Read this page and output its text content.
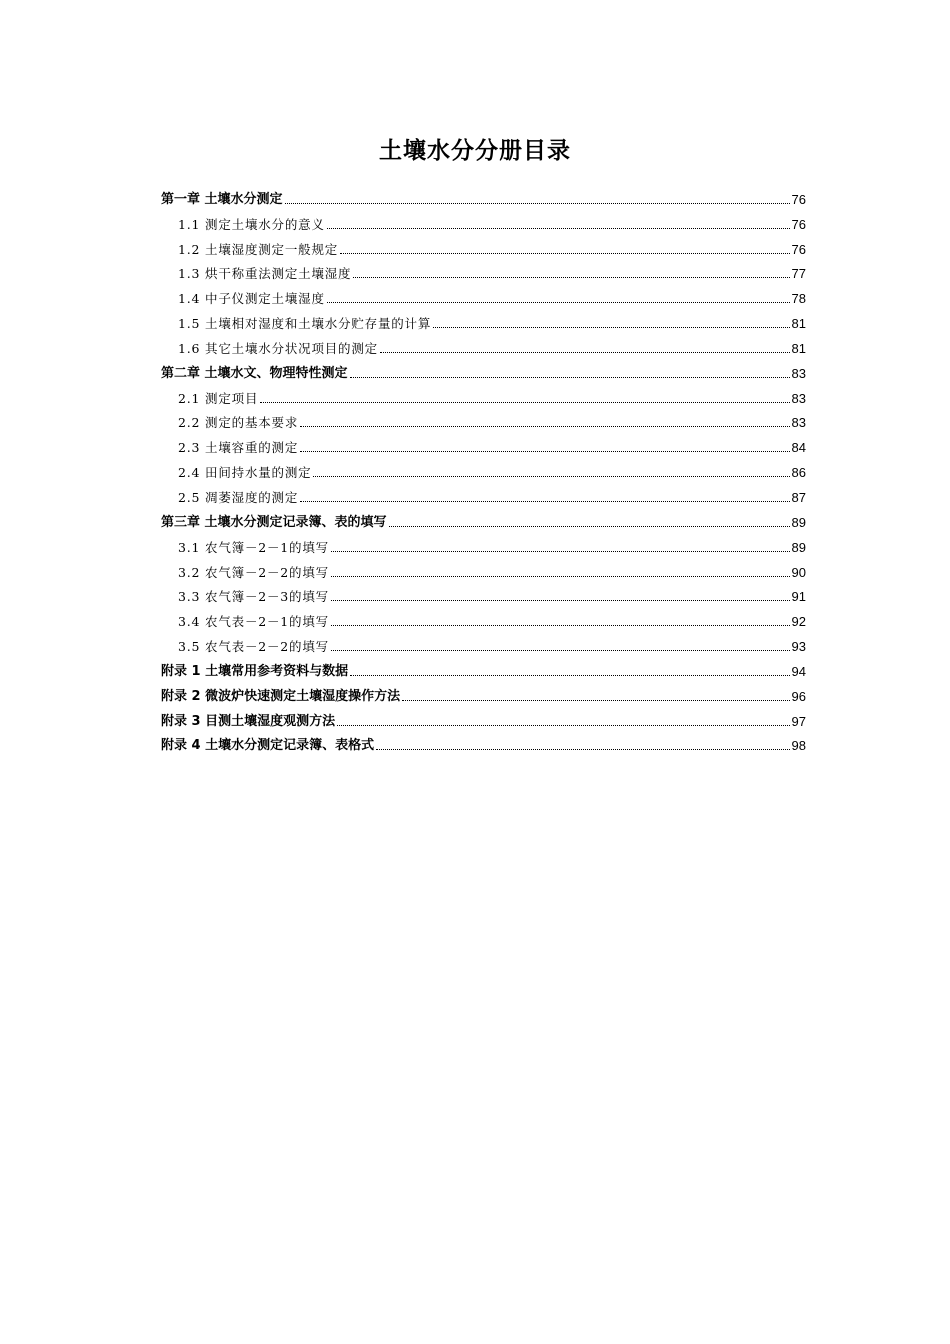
土壤水分分册目录
第一章 土壤水分测定	76
1.1 测定土壤水分的意义	76
1.2 土壤湿度测定一般规定	76
1.3 烘干称重法测定土壤湿度	77
1.4 中子仪测定土壤湿度	78
1.5 土壤相对湿度和土壤水分贮存量的计算	81
1.6 其它土壤水分状况项目的测定	81
第二章 土壤水文、物理特性测定	83
2.1 测定项目	83
2.2 测定的基本要求	83
2.3 土壤容重的测定	84
2.4 田间持水量的测定	86
2.5 凋萎湿度的测定	87
第三章 土壤水分测定记录簿、表的填写	89
3.1 农气簿－2－1的填写	89
3.2 农气簿－2－2的填写	90
3.3 农气簿－2－3的填写	91
3.4 农气表－2－1的填写	92
3.5 农气表－2－2的填写	93
附录 1 土壤常用参考资料与数据	94
附录 2 微波炉快速测定土壤湿度操作方法	96
附录 3 目测土壤湿度观测方法	97
附录 4 土壤水分测定记录簿、表格式	98
